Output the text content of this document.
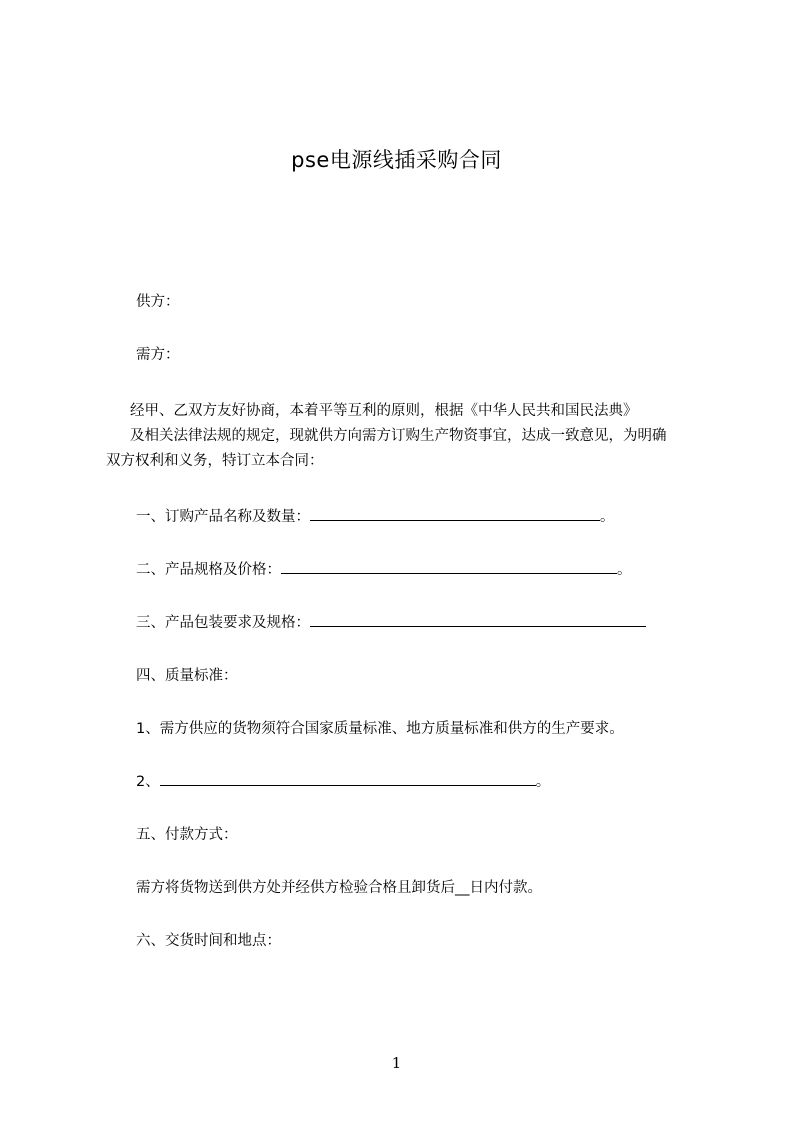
pse电源线插采购合同
供方：
需方：

经甲、乙双方友好协商，本着平等互利的原则，根据《中华人民共和国民法典》

及相关法律法规的规定，现就供方向需方订购生产物资事宜，达成一致意见，为明确

双方权利和义务，特订立本合同：

一、订购产品名称及数量：	。
二、产品规格及价格：	。
三、产品包装要求及规格：
四、质量标准：
1、需方供应的货物须符合国家质量标准、地方质量标准和供方的生产要求。
2、	。
五、付款方式：
需方将货物送到供方处并经供方检验合格且卸货后__日内付款。
六、交货时间和地点：
1
